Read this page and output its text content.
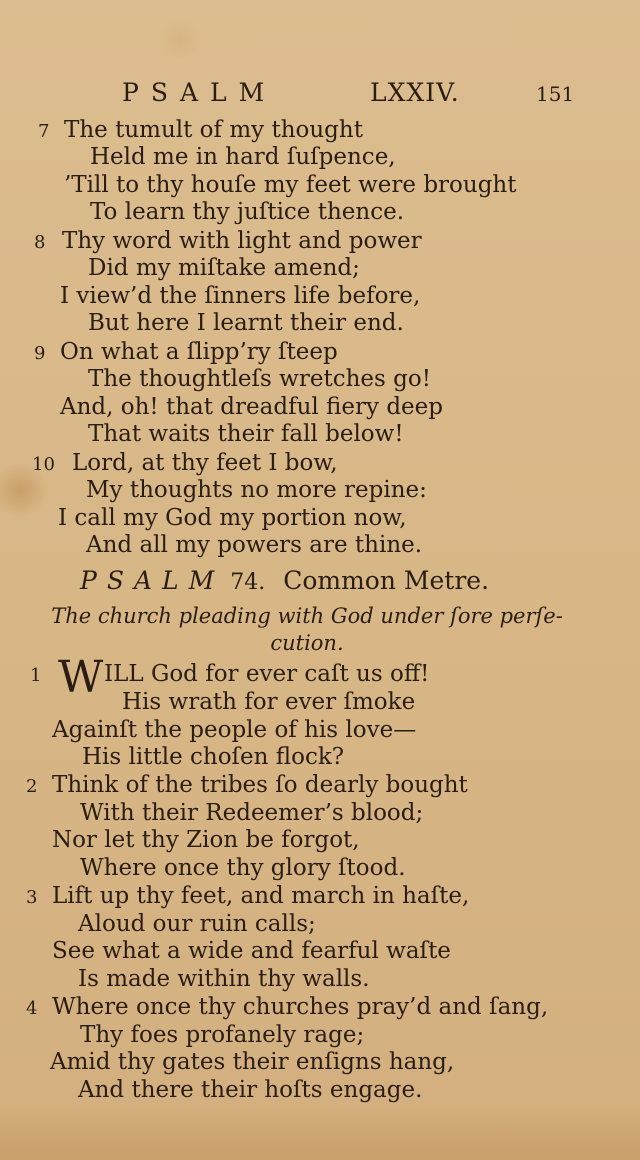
PSALM	LXXIV.	151
7 The tumult of my thought
Held me in hard ſuſpence,
’Till to thy houſe my feet were brought
To learn thy juſtice thence.
8 Thy word with light and power
Did my miſtake amend;
I view’d the ſinners life before,
But here I learnt their end.
9 On what a ſlipp’ry ſteep
The thoughtleſs wretches go!
And, oh! that dreadful fiery deep
That waits their fall below!
10 Lord, at thy feet I bow,
My thoughts no more repine:
I call my God my portion now,
And all my powers are thine.
PSALM 74. Common Metre.
The church pleading with God under ſore perſe-
cution.
1 W ILL God for ever caſt us off!
His wrath for ever ſmoke
Againſt the people of his love—
His little choſen flock?
2 Think of the tribes ſo dearly bought
With their Redeemer’s blood;
Nor let thy Zion be forgot,
Where once thy glory ſtood.
3 Lift up thy feet, and march in haſte,
Aloud our ruin calls;
See what a wide and fearful waſte
Is made within thy walls.
4 Where once thy churches pray’d and ſang,
Thy foes profanely rage;
Amid thy gates their enſigns hang,
And there their hoſts engage.
